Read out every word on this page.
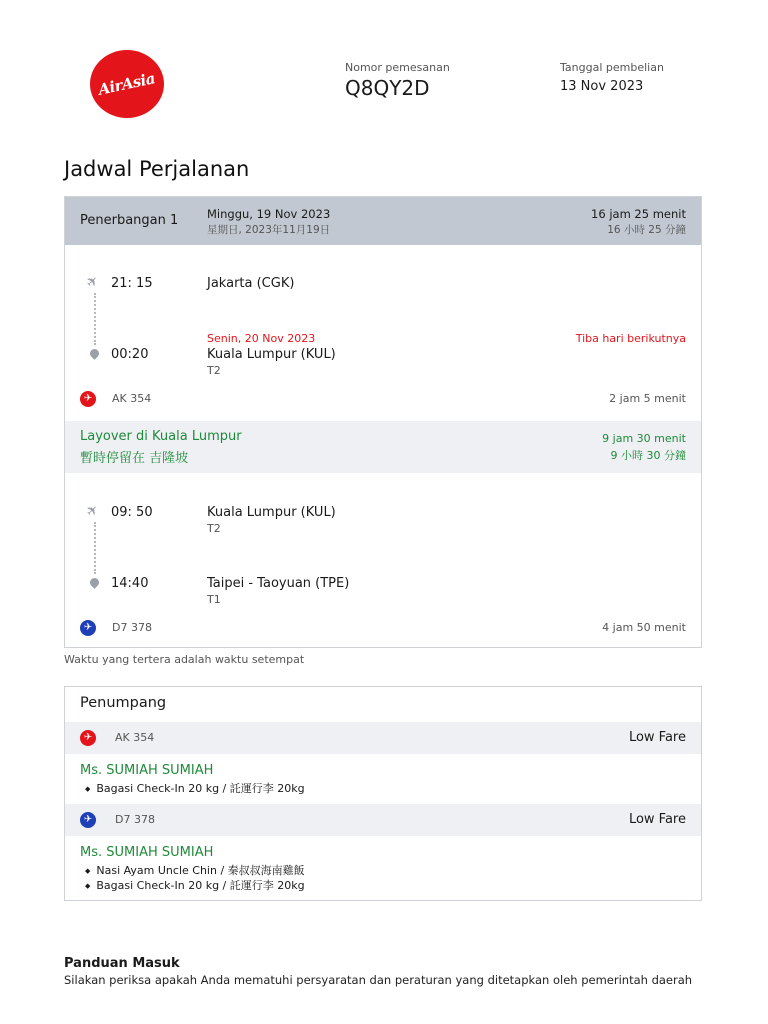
AirAsia
Nomor pemesanan
Q8QY2D
Tanggal pembelian
13 Nov 2023
Jadwal Perjalanan
Penerbangan 1 Minggu, 19 Nov 2023
星期日, 2023年11月19日
16 jam 25 menit
16 小時 25 分鐘
✈ 21: 15	Jakarta (CGK)
Senin, 20 Nov 2023	Tiba hari berikutnya
00:20	Kuala Lumpur (KUL)
T2
✈	AK 354	2 jam 5 menit
Layover di Kuala Lumpur
暫時停留在 吉隆坡
9 jam 30 menit
9 小時 30 分鐘
✈ 09: 50	Kuala Lumpur (KUL)
T2
14:40	Taipei - Taoyuan (TPE)
T1
✈	D7 378	4 jam 50 menit
Waktu yang tertera adalah waktu setempat
Penumpang
✈	AK 354	Low Fare
Ms. SUMIAH SUMIAH
◆ Bagasi Check-In 20 kg / 託運行李 20kg
✈	D7 378	Low Fare
Ms. SUMIAH SUMIAH
◆ Nasi Ayam Uncle Chin / 秦叔叔海南雞飯
◆ Bagasi Check-In 20 kg / 託運行李 20kg
Panduan Masuk
Silakan periksa apakah Anda mematuhi persyaratan dan peraturan yang ditetapkan oleh pemerintah daerah
